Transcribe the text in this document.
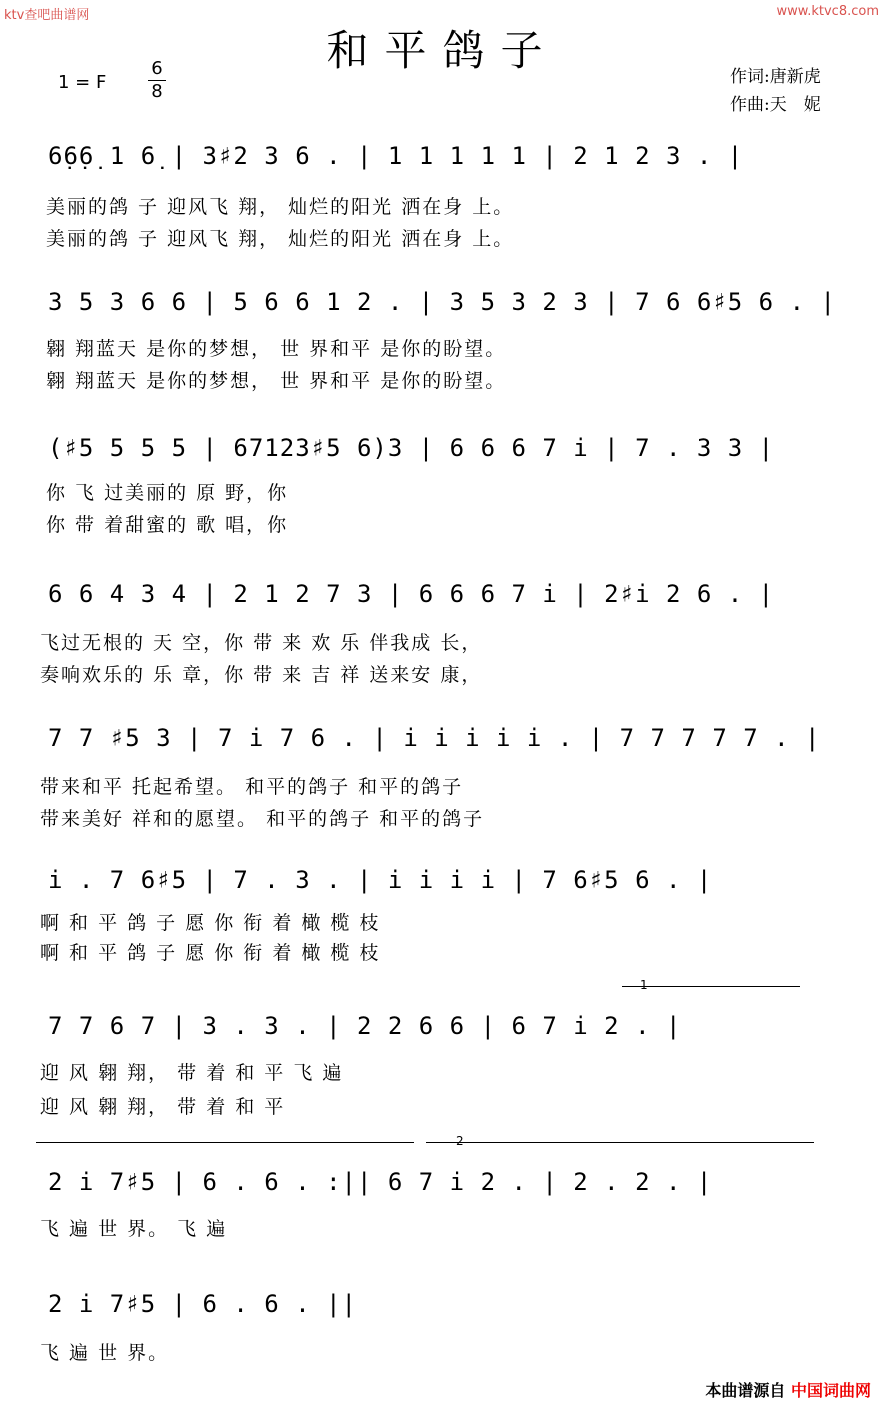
ktv查吧曲谱网	www.ktvc8.com
和平鸽子
1 = F
6
8
作词:唐新虎
作曲:天　妮
6̣6̣6̣ 1 6̣ | 3♯2 3 6 . | 1 1 1 1 1 | 2 1 2 3 . |
美丽的鸽 子 迎风飞 翔， 灿烂的阳光 洒在身 上。
美丽的鸽 子 迎风飞 翔， 灿烂的阳光 洒在身 上。
3 5 3 6 6 | 5 6 6 1 2 . | 3 5 3 2 3 | 7 6 6♯5 6 . |
翱 翔蓝天 是你的梦想， 世 界和平 是你的盼望。
翱 翔蓝天 是你的梦想， 世 界和平 是你的盼望。
(♯5 5 5 5 | 67123♯5 6)3 | 6 6 6 7 i | 7 . 3 3 |
你 飞 过美丽的 原 野，你
你 带 着甜蜜的 歌 唱，你
6 6 4 3 4 | 2 1 2 7 3 | 6 6 6 7 i | 2♯i 2 6 . |
飞过无根的 天 空，你 带 来 欢 乐 伴我成 长，
奏响欢乐的 乐 章，你 带 来 吉 祥 送来安 康，
7 7 ♯5 3 | 7 i 7 6 . | i i i i i . | 7 7 7 7 7 . |
带来和平 托起希望。 和平的鸽子 和平的鸽子
带来美好 祥和的愿望。 和平的鸽子 和平的鸽子
i . 7 6♯5 | 7 . 3 . | i i i i | 7 6♯5 6 . |
啊 和 平 鸽 子 愿 你 衔 着 橄 榄 枝
啊 和 平 鸽 子 愿 你 衔 着 橄 榄 枝
1
7 7 6 7 | 3 . 3 . | 2 2 6 6 | 6 7 i 2 . |
迎 风 翱 翔， 带 着 和 平 飞 遍
迎 风 翱 翔， 带 着 和 平
2
2 i 7♯5 | 6 . 6 . :|| 6 7 i 2 . | 2 . 2 . |
飞 遍 世 界。 飞 遍
2 i 7♯5 | 6 . 6 . ||
飞 遍 世 界。
本曲谱源自 中国词曲网
